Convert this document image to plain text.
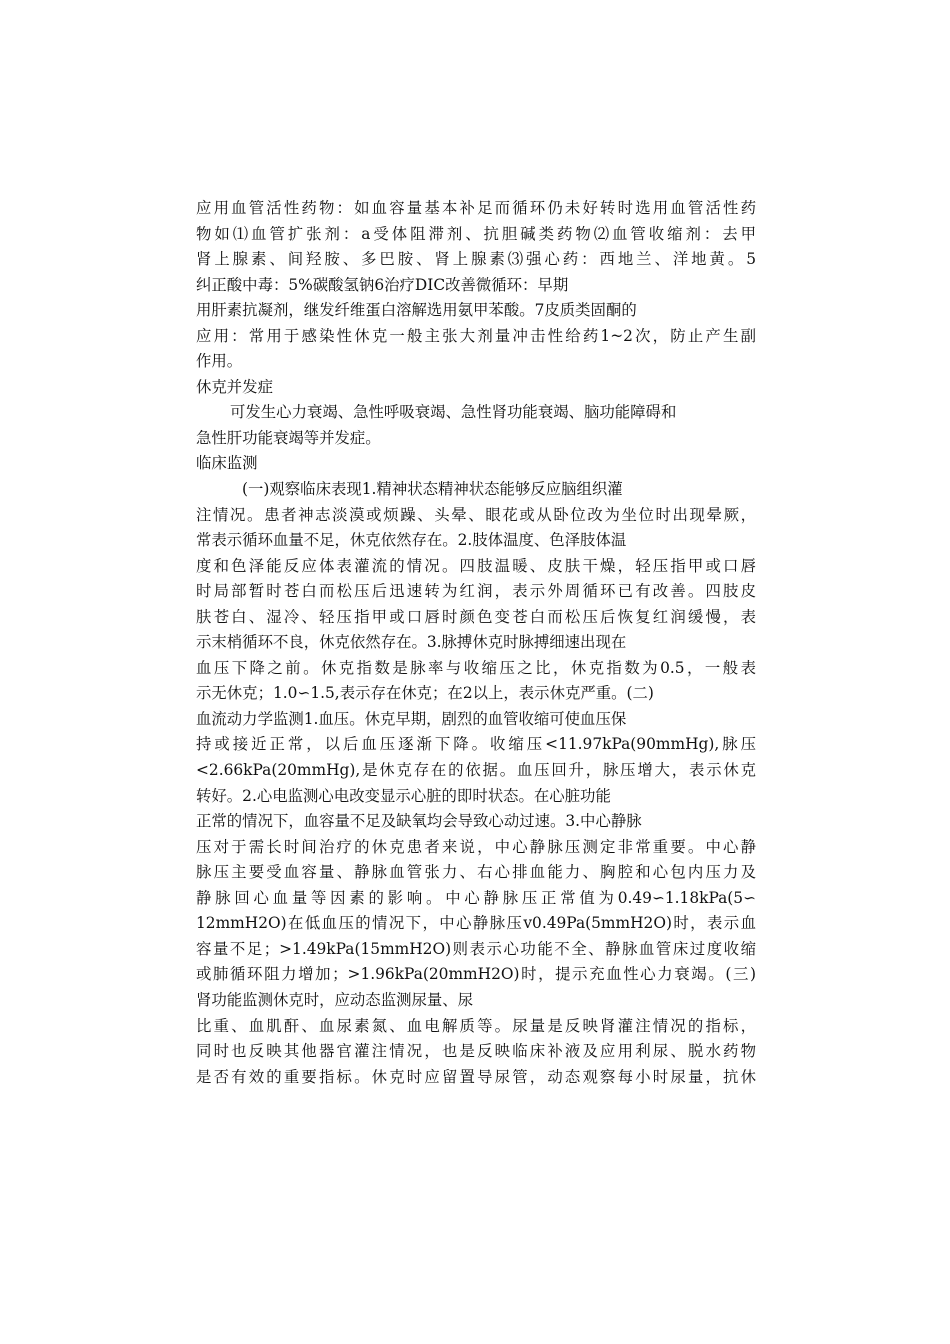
应用血管活性药物：如血容量基本补足而循环仍未好转时选用血管活性药
物如⑴血管扩张剂：a受体阻滞剂、抗胆碱类药物⑵血管收缩剂：去甲
肾上腺素、间羟胺、多巴胺、肾上腺素⑶强心药：西地兰、洋地黄。5
纠正酸中毒：5%碳酸氢钠6治疗DIC改善微循环：早期
用肝素抗凝剂，继发纤维蛋白溶解选用氨甲苯酸。7皮质类固酮的
应用：常用于感染性休克一般主张大剂量冲击性给药1~2次，防止产生副
作用。
休克并发症
可发生心力衰竭、急性呼吸衰竭、急性肾功能衰竭、脑功能障碍和
急性肝功能衰竭等并发症。
临床监测
(一)观察临床表现1.精神状态精神状态能够反应脑组织灌
注情况。患者神志淡漠或烦躁、头晕、眼花或从卧位改为坐位时出现晕厥，
常表示循环血量不足，休克依然存在。2.肢体温度、色泽肢体温
度和色泽能反应体表灌流的情况。四肢温暖、皮肤干燥，轻压指甲或口唇
时局部暂时苍白而松压后迅速转为红润，表示外周循环已有改善。四肢皮
肤苍白、湿冷、轻压指甲或口唇时颜色变苍白而松压后恢复红润缓慢，表
示末梢循环不良，休克依然存在。3.脉搏休克时脉搏细速出现在
血压下降之前。休克指数是脉率与收缩压之比，休克指数为0.5，一般表
示无休克；1.0∽1.5,表示存在休克；在2以上，表示休克严重。(二)
血流动力学监测1.血压。休克早期，剧烈的血管收缩可使血压保
持或接近正常，以后血压逐渐下降。收缩压<11.97kPa(90mmHg),脉压
<2.66kPa(20mmHg),是休克存在的依据。血压回升，脉压增大，表示休克
转好。2.心电监测心电改变显示心脏的即时状态。在心脏功能
正常的情况下，血容量不足及缺氧均会导致心动过速。3.中心静脉
压对于需长时间治疗的休克患者来说，中心静脉压测定非常重要。中心静
脉压主要受血容量、静脉血管张力、右心排血能力、胸腔和心包内压力及
静脉回心血量等因素的影响。中心静脉压正常值为0.49∽1.18kPa(5∽
12mmH2O)在低血压的情况下，中心静脉压v0.49Pa(5mmH2O)时，表示血
容量不足；>1.49kPa(15mmH2O)则表示心功能不全、静脉血管床过度收缩
或肺循环阻力增加；>1.96kPa(20mmH2O)时，提示充血性心力衰竭。(三)
肾功能监测休克时，应动态监测尿量、尿
比重、血肌酐、血尿素氮、血电解质等。尿量是反映肾灌注情况的指标，
同时也反映其他器官灌注情况，也是反映临床补液及应用利尿、脱水药物
是否有效的重要指标。休克时应留置导尿管，动态观察每小时尿量，抗休
